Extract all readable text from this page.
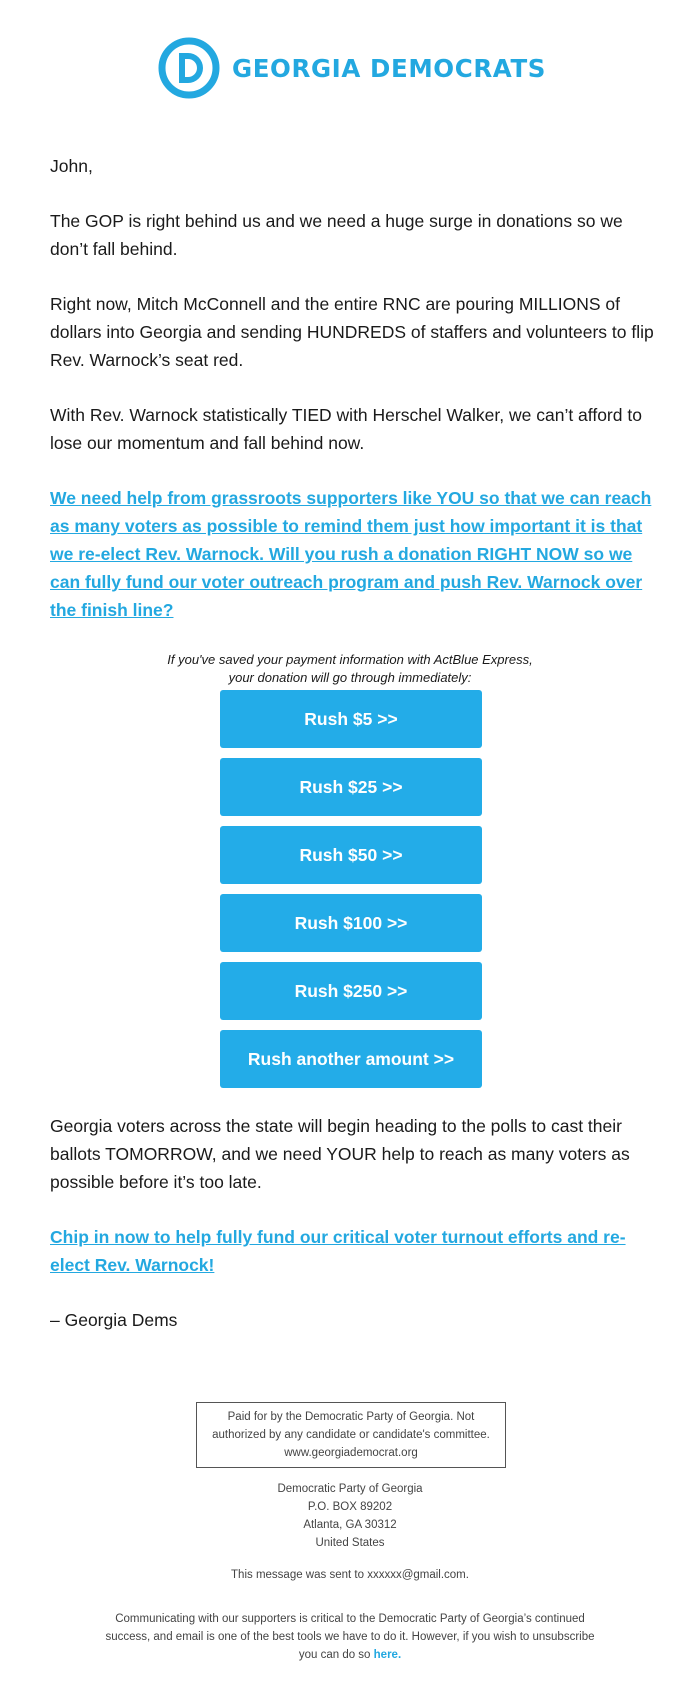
D
GEORGIA DEMOCRATS

John,

The GOP is right behind us and we need a huge surge in donations so we don’t fall behind.

Right now, Mitch McConnell and the entire RNC are pouring MILLIONS of dollars into Georgia and sending HUNDREDS of staffers and volunteers to flip Rev. Warnock’s seat red.

With Rev. Warnock statistically TIED with Herschel Walker, we can’t afford to lose our momentum and fall behind now.

We need help from grassroots supporters like YOU so that we can reach as many voters as possible to remind them just how important it is that we re-elect Rev. Warnock. Will you rush a donation RIGHT NOW so we can fully fund our voter outreach program and push Rev. Warnock over the finish line?

If you've saved your payment information with ActBlue Express,
your donation will go through immediately:
Rush $5 >>
Rush $25 >>
Rush $50 >>
Rush $100 >>
Rush $250 >>
Rush another amount >>

Georgia voters across the state will begin heading to the polls to cast their ballots TOMORROW, and we need YOUR help to reach as many voters as possible before it’s too late.

Chip in now to help fully fund our critical voter turnout efforts and re-elect Rev. Warnock!

– Georgia Dems

Paid for by the Democratic Party of Georgia. Not
authorized by any candidate or candidate's committee.
www.georgiademocrat.org
Democratic Party of Georgia
P.O. BOX 89202
Atlanta, GA 30312
United States
This message was sent to xxxxxx@gmail.com.
Communicating with our supporters is critical to the Democratic Party of Georgia’s continued success, and email is one of the best tools we have to do it. However, if you wish to unsubscribe you can do so here.
